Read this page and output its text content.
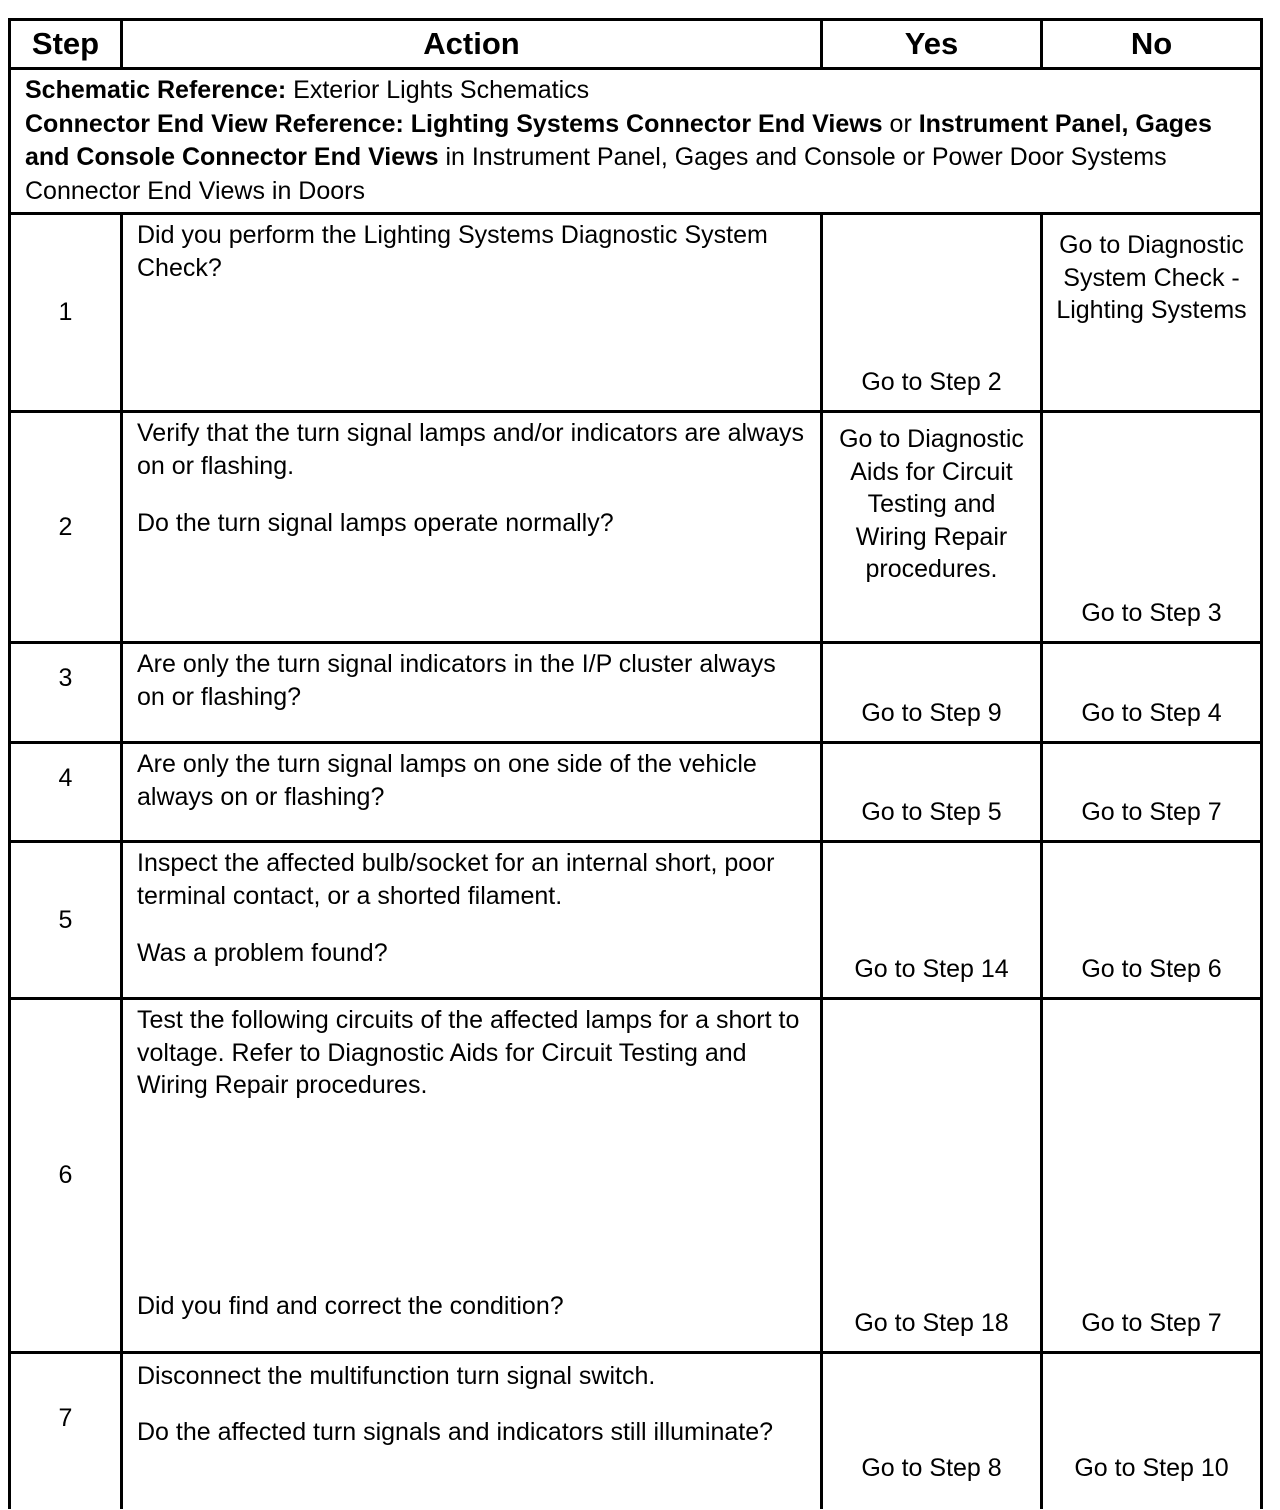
Step	Action	Yes	No
Schematic Reference: Exterior Lights Schematics
Connector End View Reference: Lighting Systems Connector End Views or Instrument Panel, Gages and Console Connector End Views in Instrument Panel, Gages and Console or Power Door Systems Connector End Views in Doors			
1	Did you perform the Lighting Systems Diagnostic System Check?	Go to Step 2	Go to Diagnostic System Check - Lighting Systems
2	Verify that the turn signal lamps and/or indicators are always on or flashing.

Do the turn signal lamps operate normally?	Go to Diagnostic Aids for Circuit Testing and Wiring Repair procedures.	Go to Step 3
3	Are only the turn signal indicators in the I/P cluster always on or flashing?	Go to Step 9	Go to Step 4
4	Are only the turn signal lamps on one side of the vehicle always on or flashing?	Go to Step 5	Go to Step 7
5	Inspect the affected bulb/socket for an internal short, poor terminal contact, or a shorted filament.

Was a problem found?	Go to Step 14	Go to Step 6
6	Test the following circuits of the affected lamps for a short to voltage. Refer to Diagnostic Aids for Circuit Testing and Wiring Repair procedures.

Did you find and correct the condition?	Go to Step 18	Go to Step 7
7	Disconnect the multifunction turn signal switch.

Do the affected turn signals and indicators still illuminate?	Go to Step 8	Go to Step 10
